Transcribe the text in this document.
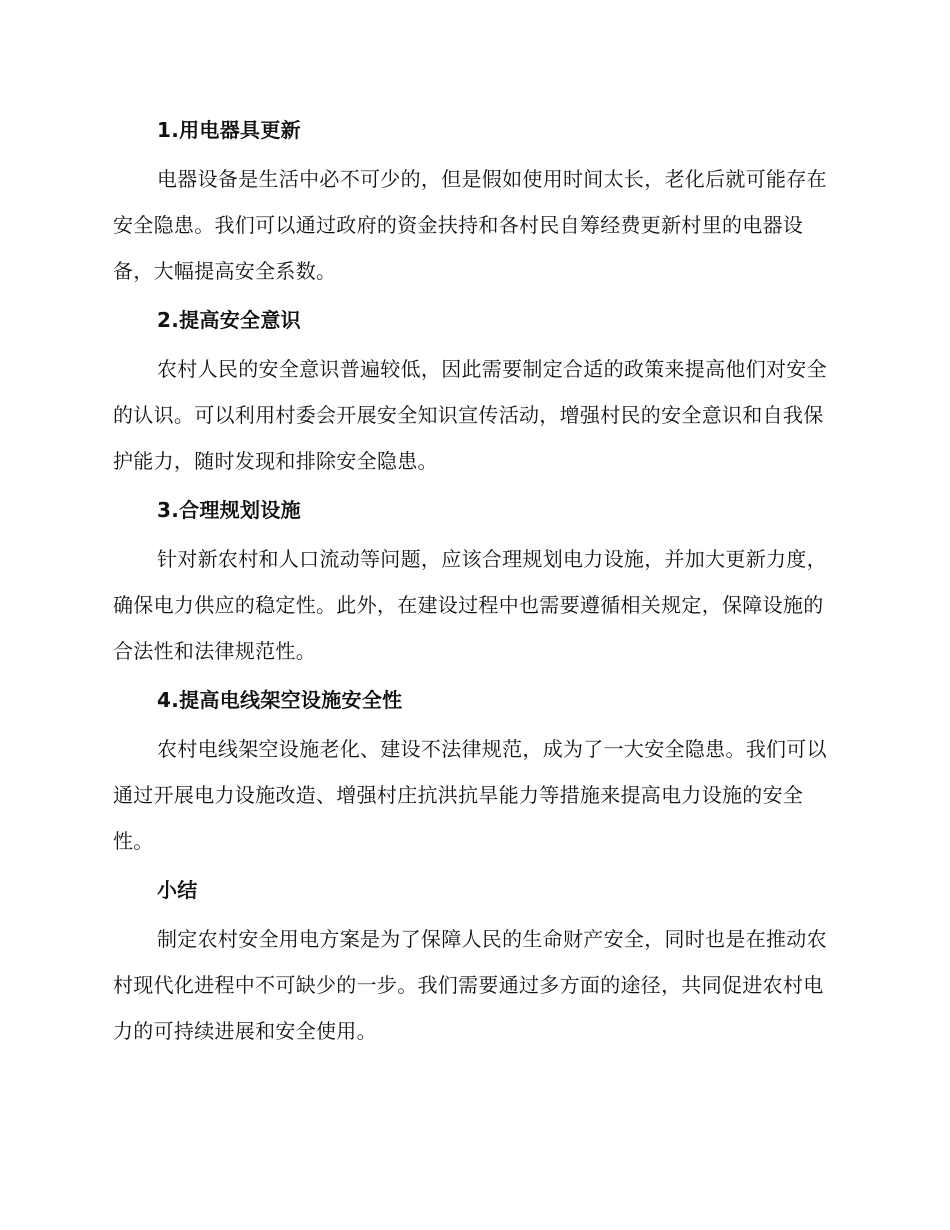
1.用电器具更新

电器设备是生活中必不可少的，但是假如使用时间太长，老化后就可能存在安全隐患。我们可以通过政府的资金扶持和各村民自筹经费更新村里的电器设备，大幅提高安全系数。

2.提高安全意识

农村人民的安全意识普遍较低，因此需要制定合适的政策来提高他们对安全的认识。可以利用村委会开展安全知识宣传活动，增强村民的安全意识和自我保护能力，随时发现和排除安全隐患。

3.合理规划设施

针对新农村和人口流动等问题，应该合理规划电力设施，并加大更新力度，确保电力供应的稳定性。此外，在建设过程中也需要遵循相关规定，保障设施的合法性和法律规范性。

4.提高电线架空设施安全性

农村电线架空设施老化、建设不法律规范，成为了一大安全隐患。我们可以通过开展电力设施改造、增强村庄抗洪抗旱能力等措施来提高电力设施的安全性。

小结

制定农村安全用电方案是为了保障人民的生命财产安全，同时也是在推动农村现代化进程中不可缺少的一步。我们需要通过多方面的途径，共同促进农村电力的可持续进展和安全使用。
